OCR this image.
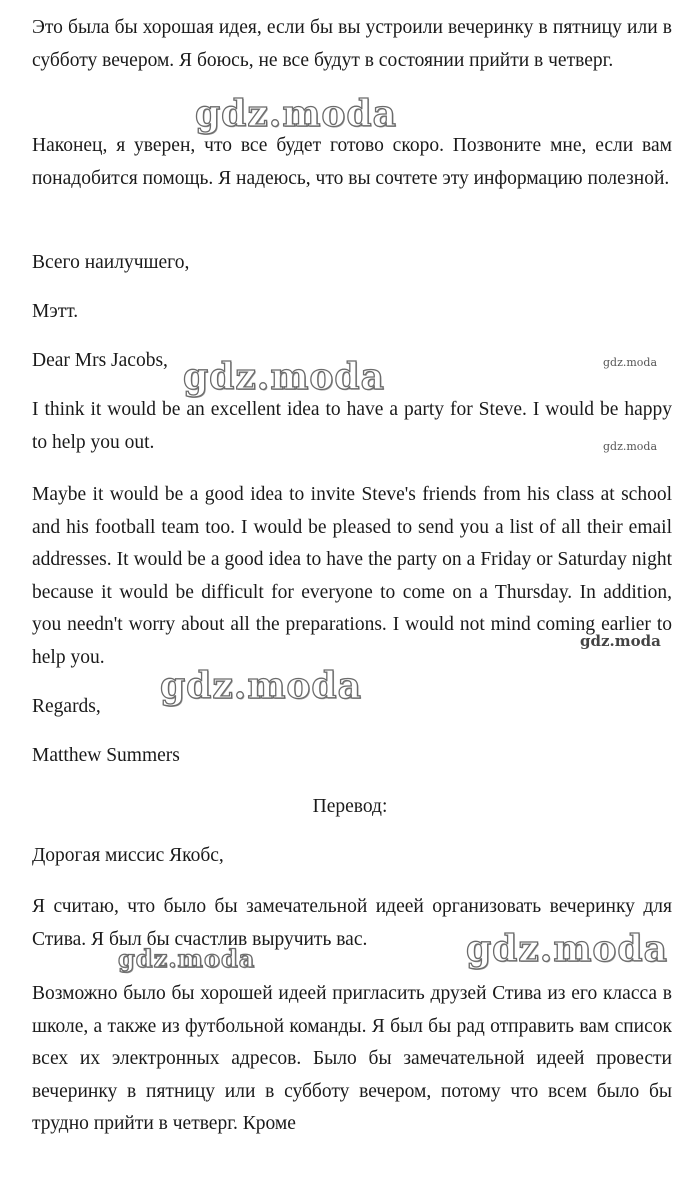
Это была бы хорошая идея, если бы вы устроили вечеринку в пятницу или в субботу вечером. Я боюсь, не все будут в состоянии прийти в четверг.

Наконец, я уверен, что все будет готово скоро. Позвоните мне, если вам понадобится помощь. Я надеюсь, что вы сочтете эту информацию полезной.

Всего наилучшего,

Мэтт.

Dear Mrs Jacobs,

I think it would be an excellent idea to have a party for Steve. I would be happy to help you out.

Maybe it would be a good idea to invite Steve's friends from his class at school and his football team too. I would be pleased to send you a list of all their email addresses. It would be a good idea to have the party on a Friday or Saturday night because it would be difficult for everyone to come on a Thursday. In addition, you needn't worry about all the preparations. I would not mind coming earlier to help you.

Regards,

Matthew Summers

Перевод:

Дорогая миссис Якобс,

Я считаю, что было бы замечательной идеей организовать вечеринку для Стива. Я был бы счастлив выручить вас.

Возможно было бы хорошей идеей пригласить друзей Стива из его класса в школе, а также из футбольной команды. Я был бы рад отправить вам список всех их электронных адресов. Было бы замечательной идеей провести вечеринку в пятницу или в субботу вечером, потому что всем было бы трудно прийти в четверг. Кроме

gdz.moda
gdz.moda	gdz.moda
gdz.moda
gdz.moda
gdz.moda
gdz.moda
gdz.moda
